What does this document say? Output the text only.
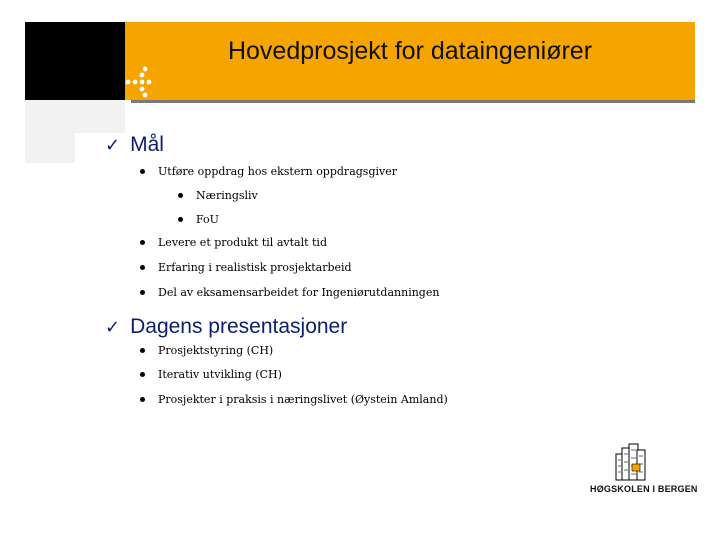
Hovedprosjekt for dataingeniører
✓ Mål
Utføre oppdrag hos ekstern oppdragsgiver
Næringsliv
FoU
Levere et produkt til avtalt tid
Erfaring i realistisk prosjektarbeid
Del av eksamensarbeidet for Ingeniørutdanningen
✓ Dagens presentasjoner
Prosjektstyring (CH)
Iterativ utvikling (CH)
Prosjekter i praksis i næringslivet (Øystein Amland)
HØGSKOLEN I BERGEN
